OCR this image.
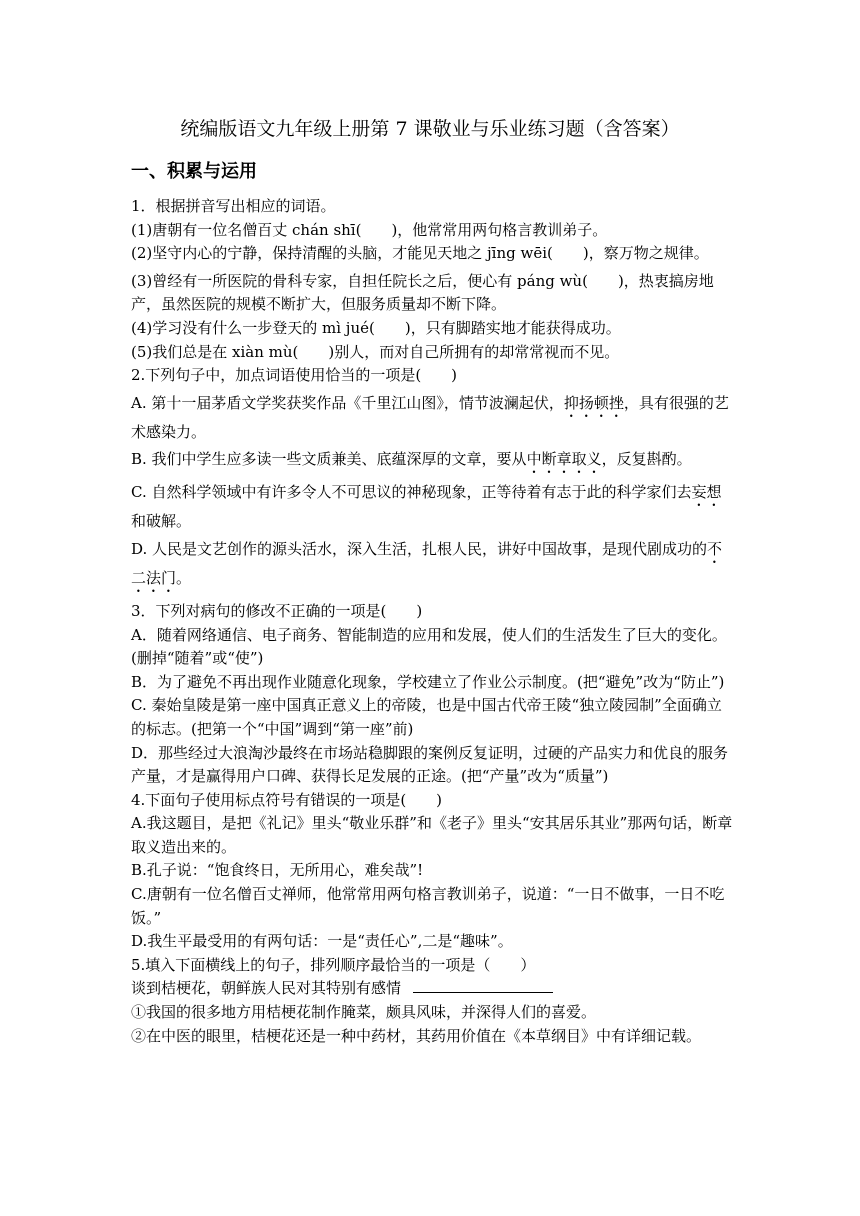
统编版语文九年级上册第 7 课敬业与乐业练习题（含答案）
一、积累与运用

1．根据拼音写出相应的词语。

(1)唐朝有一位名僧百丈 chán shī(　　)，他常常用两句格言教训弟子。

(2)坚守内心的宁静，保持清醒的头脑，才能见天地之 jīng wēi(　　)，察万物之规律。

(3)曾经有一所医院的骨科专家，自担任院长之后，便心有 páng wù(　　)，热衷搞房地产，虽然医院的规模不断扩大，但服务质量却不断下降。

(4)学习没有什么一步登天的 mì jué(　　)，只有脚踏实地才能获得成功。

(5)我们总是在 xiàn mù(　　)别人，而对自己所拥有的却常常视而不见。

2.下列句子中，加点词语使用恰当的一项是(　　)

A. 第十一届茅盾文学奖获奖作品《千里江山图》，情节波澜起伏，抑扬顿挫，具有很强的艺术感染力。

B. 我们中学生应多读一些文质兼美、底蕴深厚的文章，要从中断章取义，反复斟酌。

C. 自然科学领域中有许多令人不可思议的神秘现象，正等待着有志于此的科学家们去妄想和破解。

D. 人民是文艺创作的源头活水，深入生活，扎根人民，讲好中国故事，是现代剧成功的不二法门。

3．下列对病句的修改不正确的一项是(　　)

A．随着网络通信、电子商务、智能制造的应用和发展，使人们的生活发生了巨大的变化。(删掉“随着”或“使”)

B．为了避免不再出现作业随意化现象，学校建立了作业公示制度。(把“避免”改为“防止”)

C. 秦始皇陵是第一座中国真正意义上的帝陵，也是中国古代帝王陵“独立陵园制”全面确立的标志。(把第一个“中国”调到“第一座”前)

D．那些经过大浪淘沙最终在市场站稳脚跟的案例反复证明，过硬的产品实力和优良的服务产量，才是赢得用户口碑、获得长足发展的正途。(把“产量”改为“质量”)

4.下面句子使用标点符号有错误的一项是(　　)

A.我这题目，是把《礼记》里头“敬业乐群”和《老子》里头“安其居乐其业”那两句话，断章取义造出来的。

B.孔子说：“饱食终日，无所用心，难矣哉”!

C.唐朝有一位名僧百丈禅师，他常常用两句格言教训弟子，说道：“一日不做事，一日不吃饭。”

D.我生平最受用的有两句话：一是“责任心”,二是“趣味”。

5.填入下面横线上的句子，排列顺序最恰当的一项是（　　）

谈到桔梗花，朝鲜族人民对其特别有感情

①我国的很多地方用桔梗花制作腌菜，颇具风味，并深得人们的喜爱。

②在中医的眼里，桔梗花还是一种中药材，其药用价值在《本草纲目》中有详细记载。
